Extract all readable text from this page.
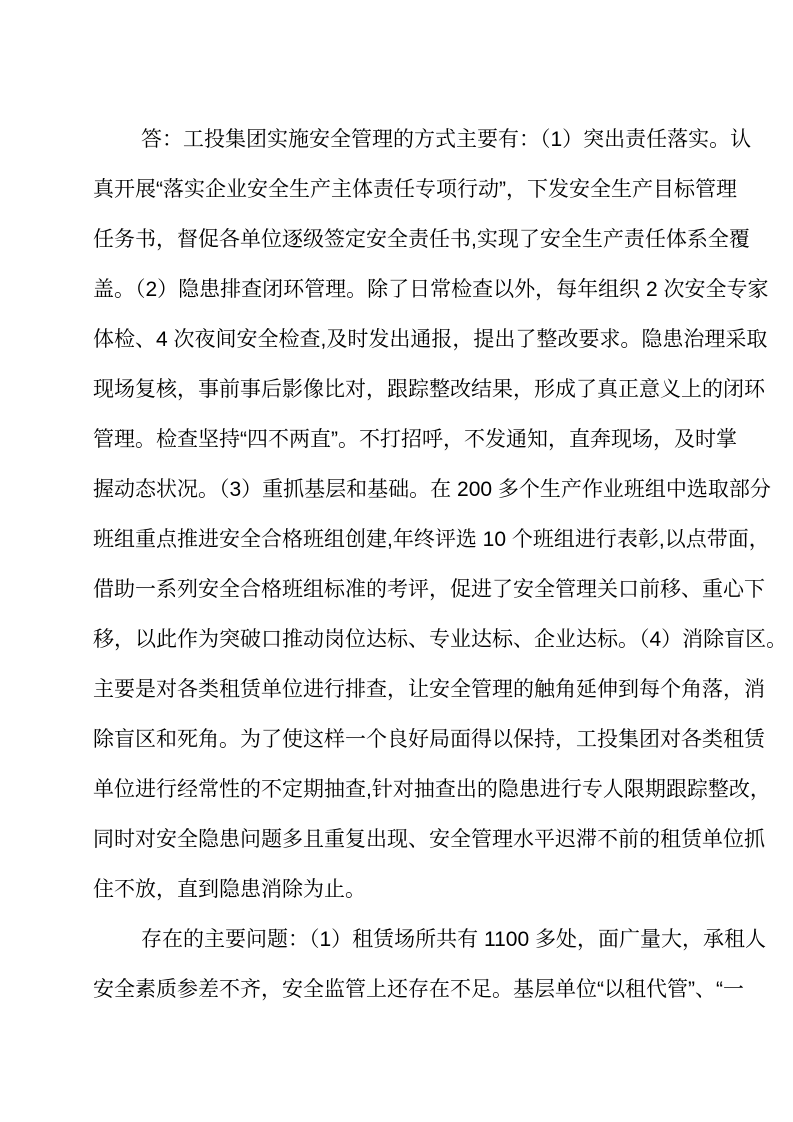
答：工投集团实施安全管理的方式主要有：（1）突出责任落实。认
真开展“落实企业安全生产主体责任专项行动”，下发安全生产目标管理
任务书，督促各单位逐级签定安全责任书,实现了安全生产责任体系全覆
盖。（2）隐患排查闭环管理。除了日常检查以外，每年组织 2 次安全专家
体检、4 次夜间安全检查,及时发出通报，提出了整改要求。隐患治理采取
现场复核，事前事后影像比对，跟踪整改结果，形成了真正意义上的闭环
管理。检查坚持“四不两直”。不打招呼，不发通知，直奔现场，及时掌
握动态状况。（3）重抓基层和基础。在 200 多个生产作业班组中选取部分
班组重点推进安全合格班组创建,年终评选 10 个班组进行表彰,以点带面，
借助一系列安全合格班组标准的考评，促进了安全管理关口前移、重心下
移，以此作为突破口推动岗位达标、专业达标、企业达标。（4）消除盲区。
主要是对各类租赁单位进行排查，让安全管理的触角延伸到每个角落，消
除盲区和死角。为了使这样一个良好局面得以保持，工投集团对各类租赁
单位进行经常性的不定期抽查,针对抽查出的隐患进行专人限期跟踪整改，
同时对安全隐患问题多且重复出现、安全管理水平迟滞不前的租赁单位抓
住不放，直到隐患消除为止。

存在的主要问题：（1）租赁场所共有 1100 多处，面广量大，承租人
安全素质参差不齐，安全监管上还存在不足。基层单位“以租代管”、“一
